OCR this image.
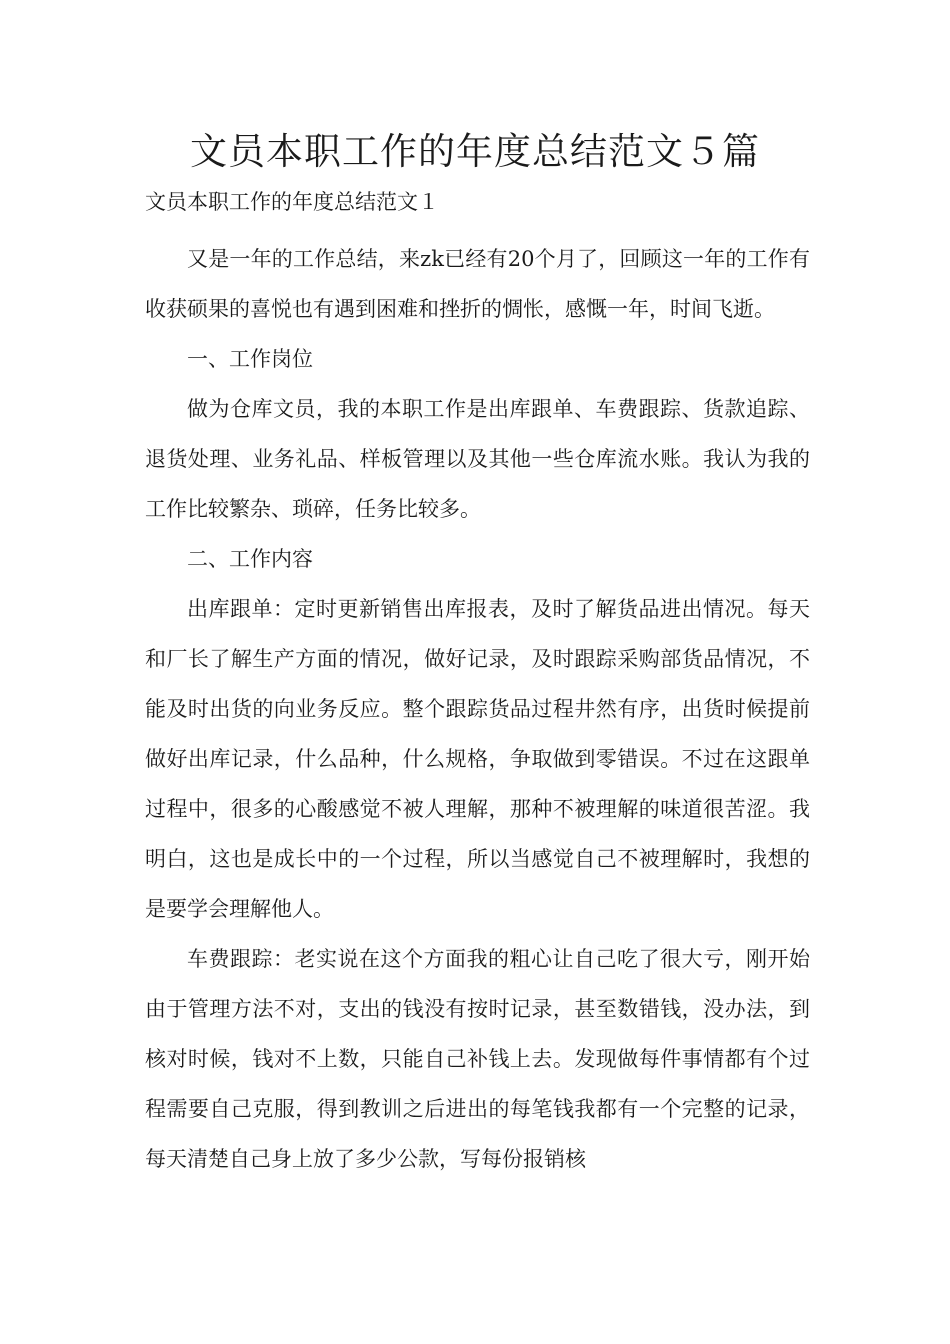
文员本职工作的年度总结范文５篇

文员本职工作的年度总结范文１

又是一年的工作总结，来zk已经有20个月了，回顾这一年的工作有收获硕果的喜悦也有遇到困难和挫折的惆怅，感慨一年，时间飞逝。

一、工作岗位

做为仓库文员，我的本职工作是出库跟单、车费跟踪、货款追踪、退货处理、业务礼品、样板管理以及其他一些仓库流水账。我认为我的工作比较繁杂、琐碎，任务比较多。

二、工作内容

出库跟单：定时更新销售出库报表，及时了解货品进出情况。每天和厂长了解生产方面的情况，做好记录，及时跟踪采购部货品情况，不能及时出货的向业务反应。整个跟踪货品过程井然有序，出货时候提前做好出库记录，什么品种，什么规格，争取做到零错误。不过在这跟单过程中，很多的心酸感觉不被人理解，那种不被理解的味道很苦涩。我明白，这也是成长中的一个过程，所以当感觉自己不被理解时，我想的是要学会理解他人。

车费跟踪：老实说在这个方面我的粗心让自己吃了很大亏，刚开始由于管理方法不对，支出的钱没有按时记录，甚至数错钱，没办法，到核对时候，钱对不上数，只能自己补钱上去。发现做每件事情都有个过程需要自己克服，得到教训之后进出的每笔钱我都有一个完整的记录，每天清楚自己身上放了多少公款，写每份报销核
